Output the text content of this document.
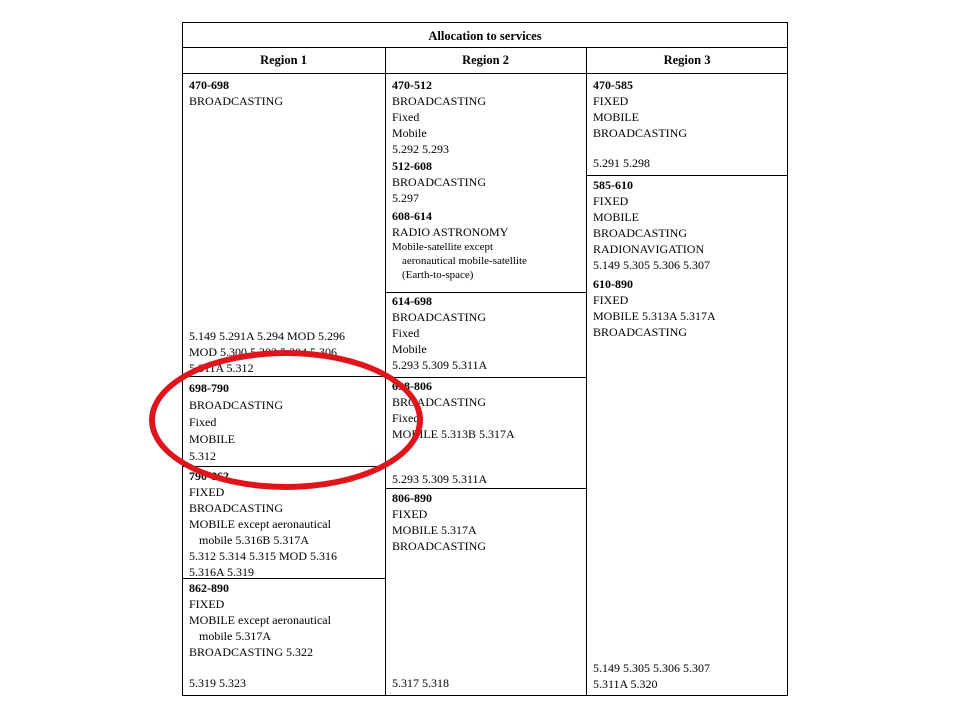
Allocation to services
Region 1	Region 2	Region 3
470-698
BROADCASTING
5.149 5.291A 5.294 MOD 5.296
MOD 5.300 5.302 5.304 5.306
5.311A 5.312
698-790
BROADCASTING
Fixed
MOBILE
5.312
790-862
FIXED
BROADCASTING
MOBILE except aeronautical
mobile 5.316B 5.317A
5.312 5.314 5.315 MOD 5.316
5.316A 5.319
862-890
FIXED
MOBILE except aeronautical
mobile 5.317A
BROADCASTING 5.322
5.319 5.323
470-512
BROADCASTING
Fixed
Mobile
5.292 5.293
512-608
BROADCASTING
5.297
608-614
RADIO ASTRONOMY
Mobile-satellite except
aeronautical mobile-satellite
(Earth-to-space)
614-698
BROADCASTING
Fixed
Mobile
5.293 5.309 5.311A
698-806
BROADCASTING
Fixed
MOBILE 5.313B 5.317A
5.293 5.309 5.311A
806-890
FIXED
MOBILE 5.317A
BROADCASTING
5.317 5.318
470-585
FIXED
MOBILE
BROADCASTING
5.291 5.298
585-610
FIXED
MOBILE
BROADCASTING
RADIONAVIGATION
5.149 5.305 5.306 5.307
610-890
FIXED
MOBILE 5.313A 5.317A
BROADCASTING
5.149 5.305 5.306 5.307
5.311A 5.320
